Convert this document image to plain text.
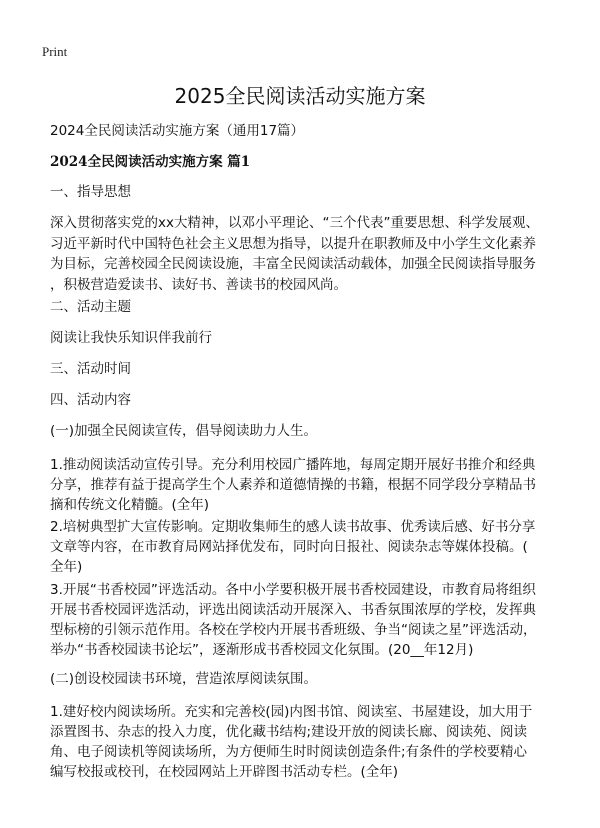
Print
2025全民阅读活动实施方案
2024全民阅读活动实施方案（通用17篇）
2024全民阅读活动实施方案 篇1
一、指导思想
深入贯彻落实党的xx大精神，以邓小平理论、“三个代表”重要思想、科学发展观、
习近平新时代中国特色社会主义思想为指导，以提升在职教师及中小学生文化素养
为目标，完善校园全民阅读设施，丰富全民阅读活动载体，加强全民阅读指导服务
，积极营造爱读书、读好书、善读书的校园风尚。
二、活动主题
阅读让我快乐知识伴我前行
三、活动时间
四、活动内容
(一)加强全民阅读宣传，倡导阅读助力人生。
1.推动阅读活动宣传引导。充分利用校园广播阵地，每周定期开展好书推介和经典
分享，推荐有益于提高学生个人素养和道德情操的书籍，根据不同学段分享精品书
摘和传统文化精髓。(全年)
2.培树典型扩大宣传影响。定期收集师生的感人读书故事、优秀读后感、好书分享
文章等内容，在市教育局网站择优发布，同时向日报社、阅读杂志等媒体投稿。(
全年)
3.开展“书香校园”评选活动。各中小学要积极开展书香校园建设，市教育局将组织
开展书香校园评选活动，评选出阅读活动开展深入、书香氛围浓厚的学校，发挥典
型标榜的引领示范作用。各校在学校内开展书香班级、争当“阅读之星”评选活动，
举办“书香校园读书论坛”，逐渐形成书香校园文化氛围。(20__年12月)
(二)创设校园读书环境，营造浓厚阅读氛围。
1.建好校内阅读场所。充实和完善校(园)内图书馆、阅读室、书屋建设，加大用于
添置图书、杂志的投入力度，优化藏书结构;建设开放的阅读长廊、阅读苑、阅读
角、电子阅读机等阅读场所，为方便师生时时阅读创造条件;有条件的学校要精心
编写校报或校刊，在校园网站上开辟图书活动专栏。(全年)
